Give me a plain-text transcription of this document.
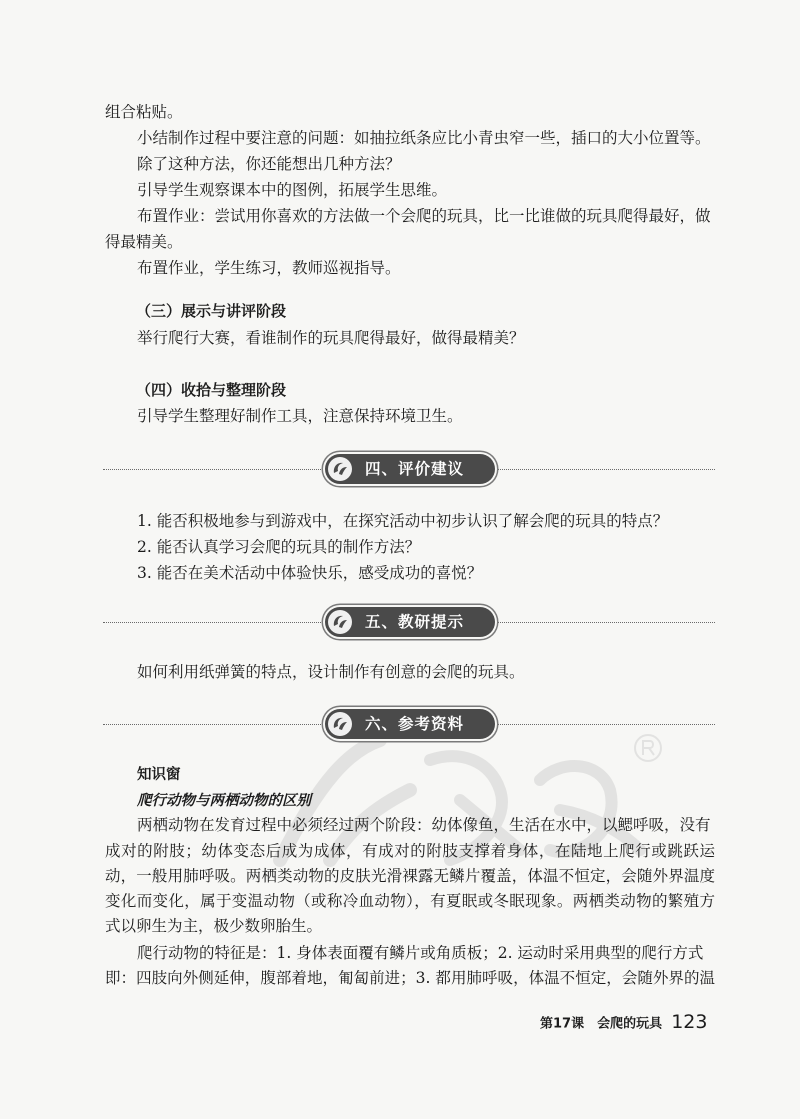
组合粘贴。

小结制作过程中要注意的问题：如抽拉纸条应比小青虫窄一些，插口的大小位置等。

除了这种方法，你还能想出几种方法？

引导学生观察课本中的图例，拓展学生思维。

布置作业：尝试用你喜欢的方法做一个会爬的玩具，比一比谁做的玩具爬得最好，做

得最精美。

布置作业，学生练习，教师巡视指导。

（三）展示与讲评阶段

举行爬行大赛，看谁制作的玩具爬得最好，做得最精美？

（四）收拾与整理阶段

引导学生整理好制作工具，注意保持环境卫生。

四、评价建议

1. 能否积极地参与到游戏中，在探究活动中初步认识了解会爬的玩具的特点？

2. 能否认真学习会爬的玩具的制作方法？

3. 能否在美术活动中体验快乐，感受成功的喜悦？

五、教研提示

如何利用纸弹簧的特点，设计制作有创意的会爬的玩具。

六、参考资料
知识窗
爬行动物与两栖动物的区别

两栖动物在发育过程中必须经过两个阶段：幼体像鱼，生活在水中，以鳃呼吸，没有

成对的附肢；幼体变态后成为成体，有成对的附肢支撑着身体，在陆地上爬行或跳跃运

动，一般用肺呼吸。两栖类动物的皮肤光滑裸露无鳞片覆盖，体温不恒定，会随外界温度

变化而变化，属于变温动物（或称冷血动物），有夏眠或冬眠现象。两栖类动物的繁殖方

式以卵生为主，极少数卵胎生。

爬行动物的特征是：1. 身体表面覆有鳞片或角质板；2. 运动时采用典型的爬行方式

即：四肢向外侧延伸，腹部着地，匍匐前进；3. 都用肺呼吸，体温不恒定，会随外界的温

第17课　会爬的玩具 123
